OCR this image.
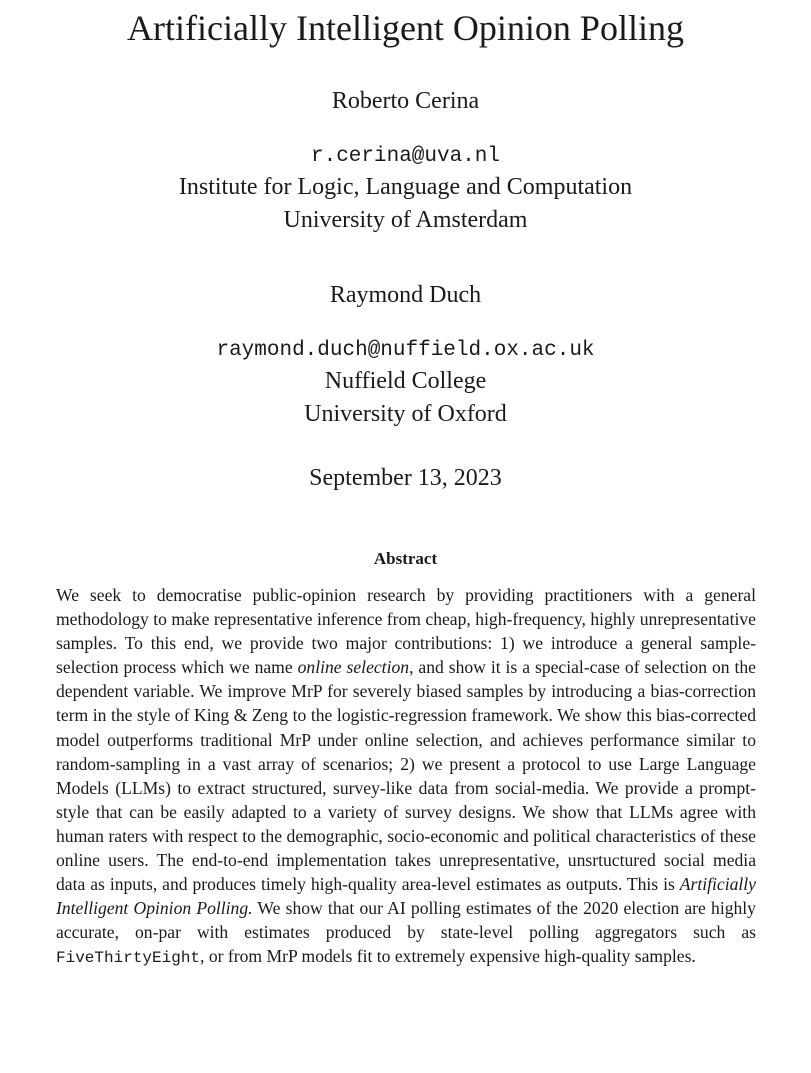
Artificially Intelligent Opinion Polling
Roberto Cerina
r.cerina@uva.nl
Institute for Logic, Language and Computation
University of Amsterdam
Raymond Duch
raymond.duch@nuffield.ox.ac.uk
Nuffield College
University of Oxford
September 13, 2023
Abstract

We seek to democratise public-opinion research by providing practitioners with a general methodology to make representative inference from cheap, high-frequency, highly unrepresentative samples. To this end, we provide two major contributions: 1) we introduce a general sample-selection process which we name online selection, and show it is a special-case of selection on the dependent variable. We improve MrP for severely biased samples by introducing a bias-correction term in the style of King & Zeng to the logistic-regression framework. We show this bias-corrected model outperforms traditional MrP under online selection, and achieves performance similar to random-sampling in a vast array of scenarios; 2) we present a protocol to use Large Language Models (LLMs) to extract structured, survey-like data from social-media. We provide a prompt-style that can be easily adapted to a variety of survey designs. We show that LLMs agree with human raters with respect to the demographic, socio-economic and political characteristics of these online users. The end-to-end implementation takes unrepresentative, unsrtuctured social media data as inputs, and produces timely high-quality area-level estimates as outputs. This is Artificially Intelligent Opinion Polling. We show that our AI polling estimates of the 2020 election are highly accurate, on-par with estimates produced by state-level polling aggregators such as FiveThirtyEight, or from MrP models fit to extremely expensive high-quality samples.
